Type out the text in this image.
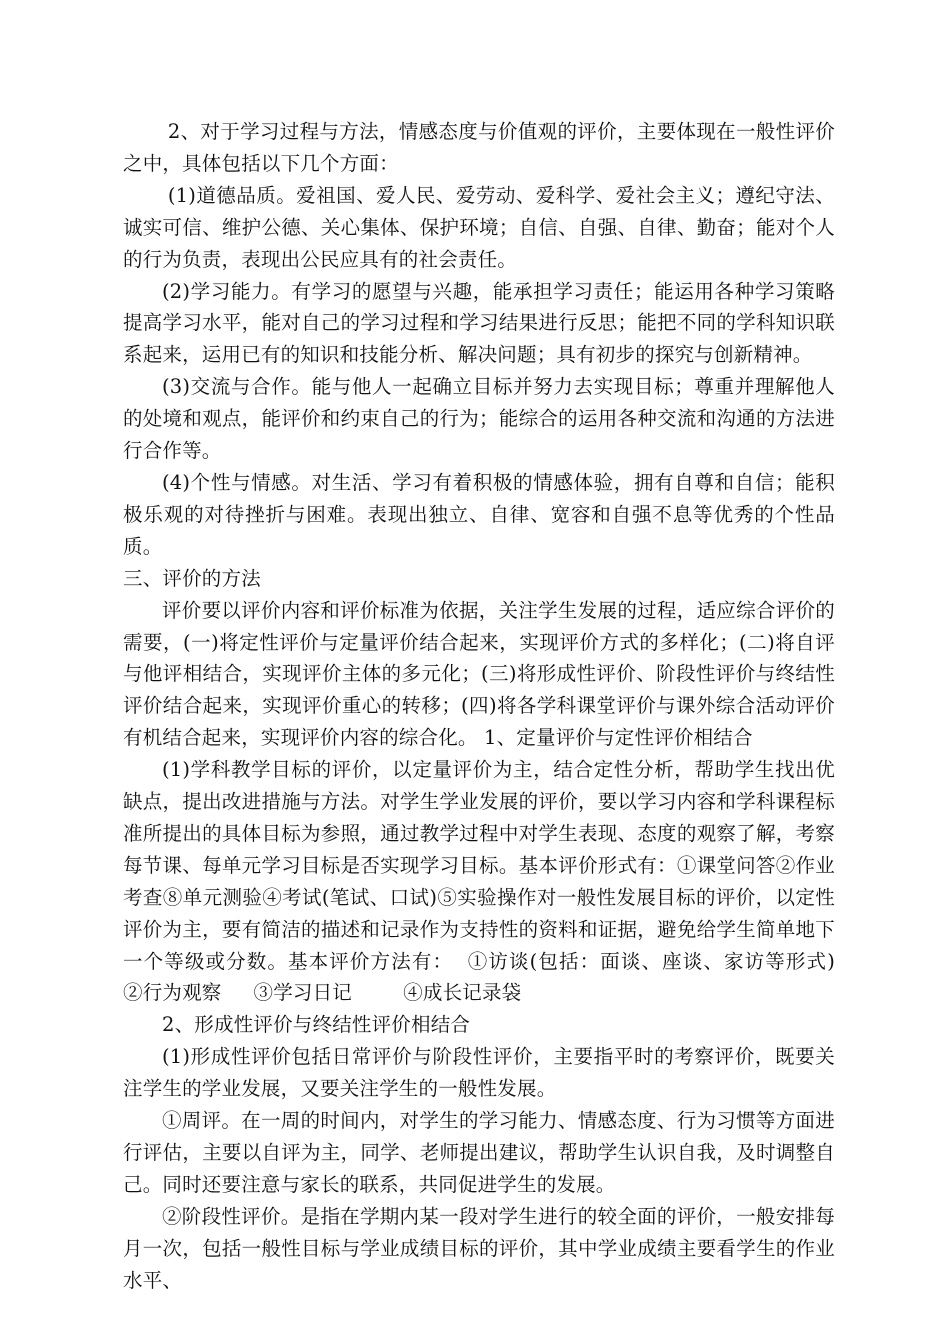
2、对于学习过程与方法，情感态度与价值观的评价，主要体现在一般性评价之中，具体包括以下几个方面：

(1)道德品质。爱祖国、爱人民、爱劳动、爱科学、爱社会主义；遵纪守法、诚实可信、维护公德、关心集体、保护环境；自信、自强、自律、勤奋；能对个人的行为负责，表现出公民应具有的社会责任。

(2)学习能力。有学习的愿望与兴趣，能承担学习责任；能运用各种学习策略提高学习水平，能对自己的学习过程和学习结果进行反思；能把不同的学科知识联系起来，运用已有的知识和技能分析、解决问题；具有初步的探究与创新精神。

(3)交流与合作。能与他人一起确立目标并努力去实现目标；尊重并理解他人的处境和观点，能评价和约束自己的行为；能综合的运用各种交流和沟通的方法进行合作等。

(4)个性与情感。对生活、学习有着积极的情感体验，拥有自尊和自信；能积极乐观的对待挫折与困难。表现出独立、自律、宽容和自强不息等优秀的个性品质。

三、评价的方法

评价要以评价内容和评价标准为依据，关注学生发展的过程，适应综合评价的需要，(一)将定性评价与定量评价结合起来，实现评价方式的多样化；(二)将自评与他评相结合，实现评价主体的多元化；(三)将形成性评价、阶段性评价与终结性评价结合起来，实现评价重心的转移；(四)将各学科课堂评价与课外综合活动评价有机结合起来，实现评价内容的综合化。 1、定量评价与定性评价相结合

(1)学科教学目标的评价，以定量评价为主，结合定性分析，帮助学生找出优缺点，提出改进措施与方法。对学生学业发展的评价，要以学习内容和学科课程标准所提出的具体目标为参照，通过教学过程中对学生表现、态度的观察了解，考察每节课、每单元学习目标是否实现学习目标。基本评价形式有：①课堂问答②作业考查⑧单元测验④考试(笔试、口试)⑤实验操作对一般性发展目标的评价，以定性评价为主，要有简洁的描述和记录作为支持性的资料和证据，避免给学生简单地下一个等级或分数。基本评价方法有：  ①访谈(包括：面谈、座谈、家访等形式)   ②行为观察     ③学习日记        ④成长记录袋

2、形成性评价与终结性评价相结合

(1)形成性评价包括日常评价与阶段性评价，主要指平时的考察评价，既要关注学生的学业发展，又要关注学生的一般性发展。

①周评。在一周的时间内，对学生的学习能力、情感态度、行为习惯等方面进行评估，主要以自评为主，同学、老师提出建议，帮助学生认识自我，及时调整自己。同时还要注意与家长的联系，共同促进学生的发展。

②阶段性评价。是指在学期内某一段对学生进行的较全面的评价，一般安排每月一次，包括一般性目标与学业成绩目标的评价，其中学业成绩主要看学生的作业水平、
